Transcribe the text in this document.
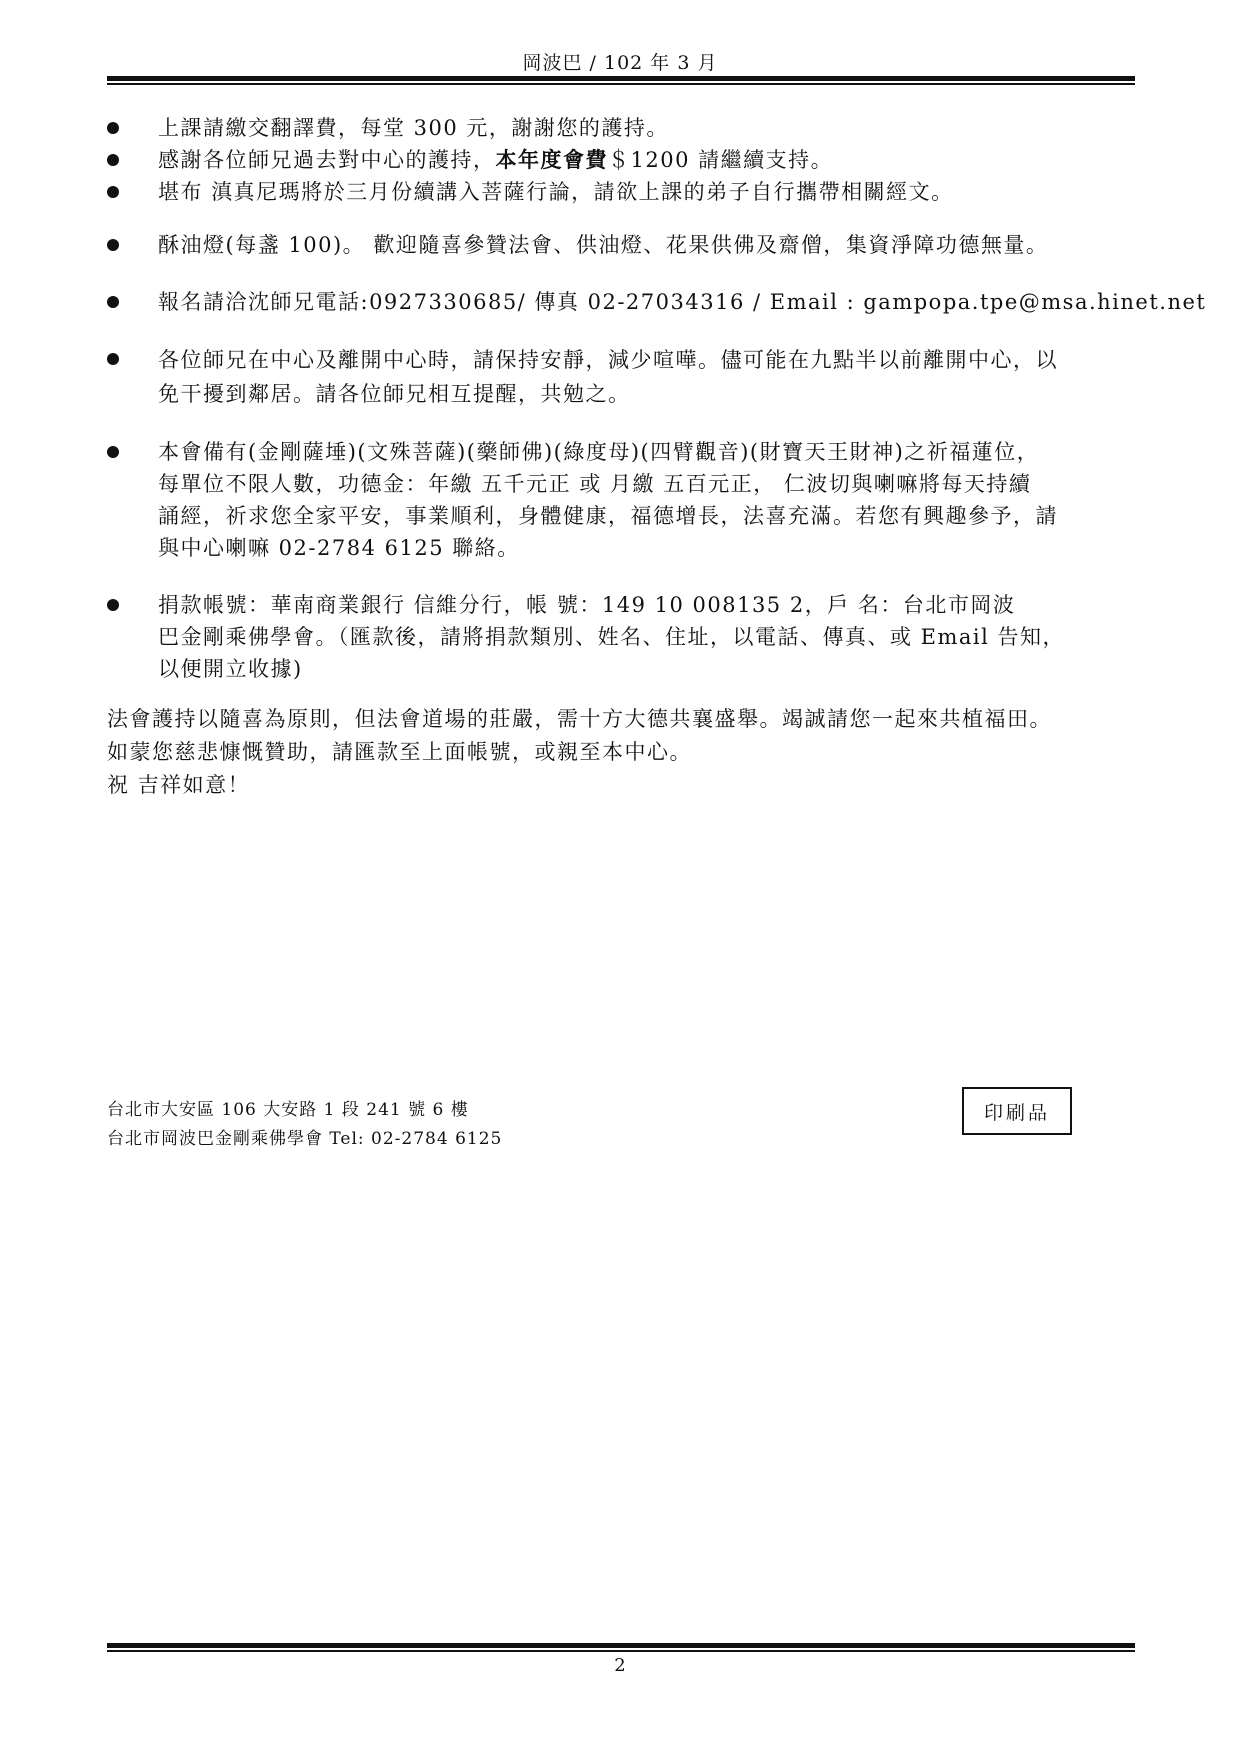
岡波巴 / 102 年 3 月
上課請繳交翻譯費，每堂 300 元，謝謝您的護持。
感謝各位師兄過去對中心的護持，本年度會費＄1200 請繼續支持。
堪布 滇真尼瑪將於三月份續講入菩薩行論，請欲上課的弟子自行攜帶相關經文。
酥油燈(每盞 100)。 歡迎隨喜參贊法會、供油燈、花果供佛及齋僧，集資淨障功德無量。
報名請洽沈師兄電話:0927330685/ 傳真 02-27034316 / Email : gampopa.tpe@msa.hinet.net
各位師兄在中心及離開中心時，請保持安靜，減少喧嘩。儘可能在九點半以前離開中心，以
免干擾到鄰居。請各位師兄相互提醒，共勉之。
本會備有(金剛薩埵)(文殊菩薩)(藥師佛)(綠度母)(四臂觀音)(財寶天王財神)之祈福蓮位，
每單位不限人數，功德金：年繳 五千元正 或 月繳 五百元正， 仁波切與喇嘛將每天持續
誦經，祈求您全家平安，事業順利，身體健康，福德增長，法喜充滿。若您有興趣參予，請
與中心喇嘛 02-2784 6125 聯絡。
捐款帳號：華南商業銀行 信維分行，帳 號：149 10 008135 2，戶 名：台北市岡波
巴金剛乘佛學會。（匯款後，請將捐款類別、姓名、住址，以電話、傳真、或 Email 告知，
以便開立收據)
法會護持以隨喜為原則，但法會道場的莊嚴，需十方大德共襄盛舉。竭誠請您一起來共植福田。
如蒙您慈悲慷慨贊助，請匯款至上面帳號，或親至本中心。
祝 吉祥如意！
台北市大安區 106 大安路 1 段 241 號 6 樓
台北市岡波巴金剛乘佛學會 Tel: 02-2784 6125
印刷品
2
